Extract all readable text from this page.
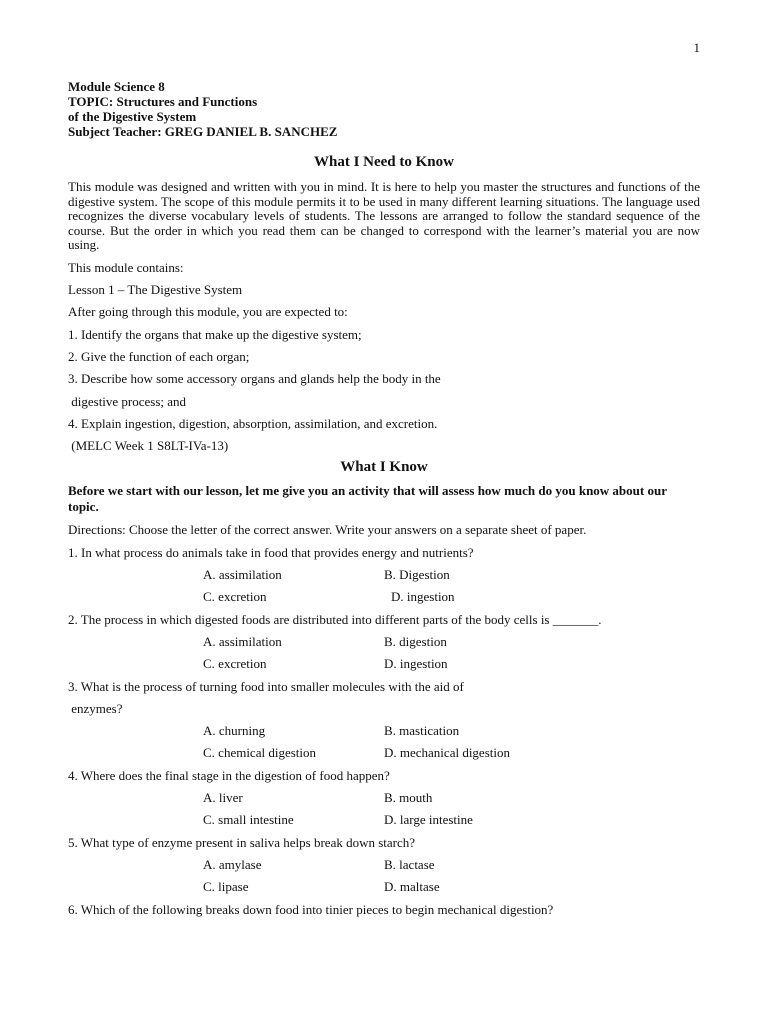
1
Module Science 8
TOPIC: Structures and Functions
of the Digestive System
Subject Teacher: GREG DANIEL B. SANCHEZ
What I Need to Know

This module was designed and written with you in mind. It is here to help you master the structures and functions of the digestive system. The scope of this module permits it to be used in many different learning situations. The language used recognizes the diverse vocabulary levels of students. The lessons are arranged to follow the standard sequence of the course. But the order in which you read them can be changed to correspond with the learner’s material you are now using.

This module contains:

Lesson 1 – The Digestive System

After going through this module, you are expected to:

1. Identify the organs that make up the digestive system;

2. Give the function of each organ;

3. Describe how some accessory organs and glands help the body in the

digestive process; and

4. Explain ingestion, digestion, absorption, assimilation, and excretion.

(MELC Week 1 S8LT-IVa-13)

What I Know

Before we start with our lesson, let me give you an activity that will assess how much do you know about our topic.

Directions: Choose the letter of the correct answer. Write your answers on a separate sheet of paper.

1. In what process do animals take in food that provides energy and nutrients?

A. assimilation	B. Digestion
C. excretion	D. ingestion

2. The process in which digested foods are distributed into different parts of the body cells is _______.

A. assimilation	B. digestion
C. excretion	D. ingestion

3. What is the process of turning food into smaller molecules with the aid of

enzymes?

A. churning	B. mastication
C. chemical digestion	D. mechanical digestion

4. Where does the final stage in the digestion of food happen?

A. liver	B. mouth
C. small intestine	D. large intestine

5. What type of enzyme present in saliva helps break down starch?

A. amylase	B. lactase
C. lipase	D. maltase

6. Which of the following breaks down food into tinier pieces to begin mechanical digestion?
